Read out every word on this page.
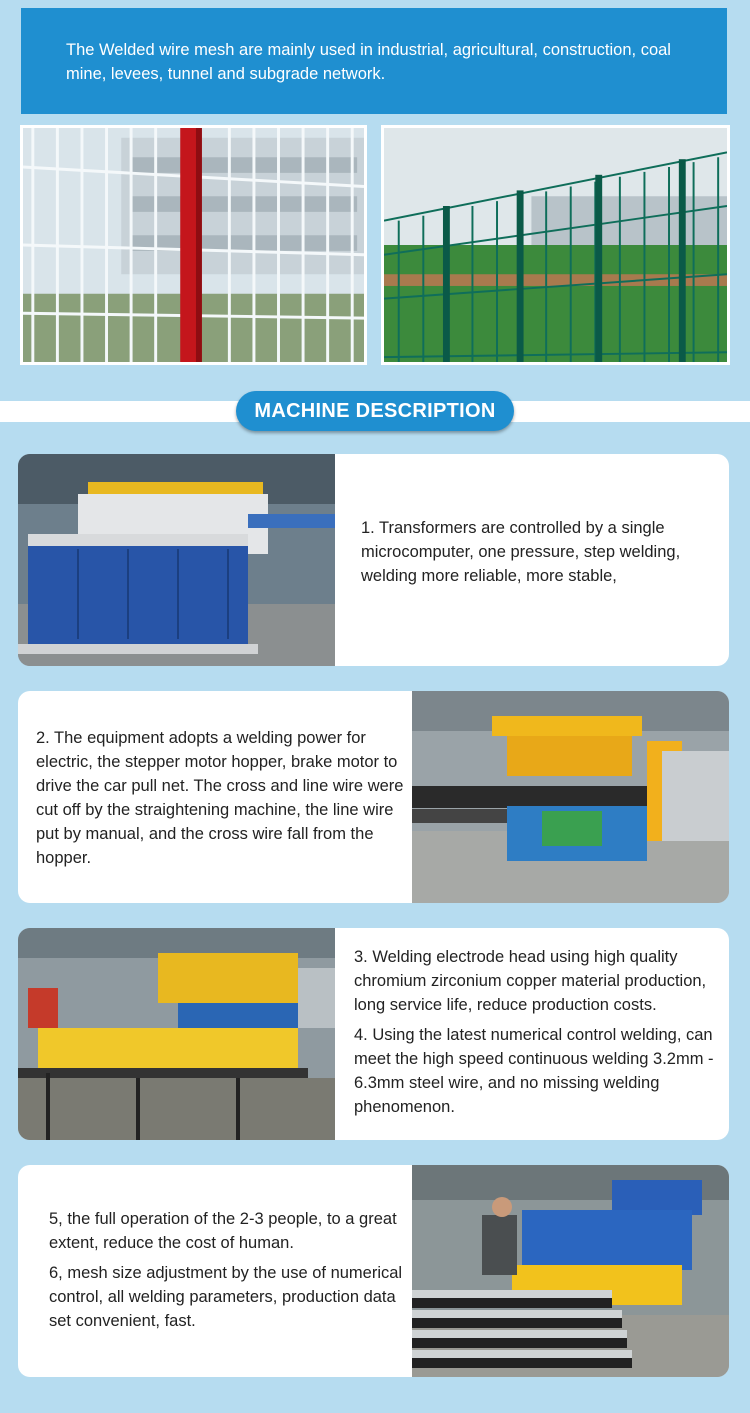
The Welded wire mesh are mainly used in industrial, agricultural, construction, coal mine, levees, tunnel and subgrade network.
MACHINE DESCRIPTION

1. Transformers are controlled by a single microcomputer, one pressure, step welding, welding more reliable, more stable,

2. The equipment adopts a welding power for electric, the stepper motor hopper, brake motor to drive the car pull net. The cross and line wire were cut off by the straightening machine, the line wire put by manual, and the cross wire fall from the hopper.

3. Welding electrode head using high quality chromium zirconium copper material production, long service life, reduce production costs.

4. Using the latest numerical control welding, can meet the high speed continuous welding 3.2mm - 6.3mm steel wire, and no missing welding phenomenon.

5, the full operation of the 2-3 people, to a great extent, reduce the cost of human.

6, mesh size adjustment by the use of numerical control, all welding parameters, production data set convenient, fast.
